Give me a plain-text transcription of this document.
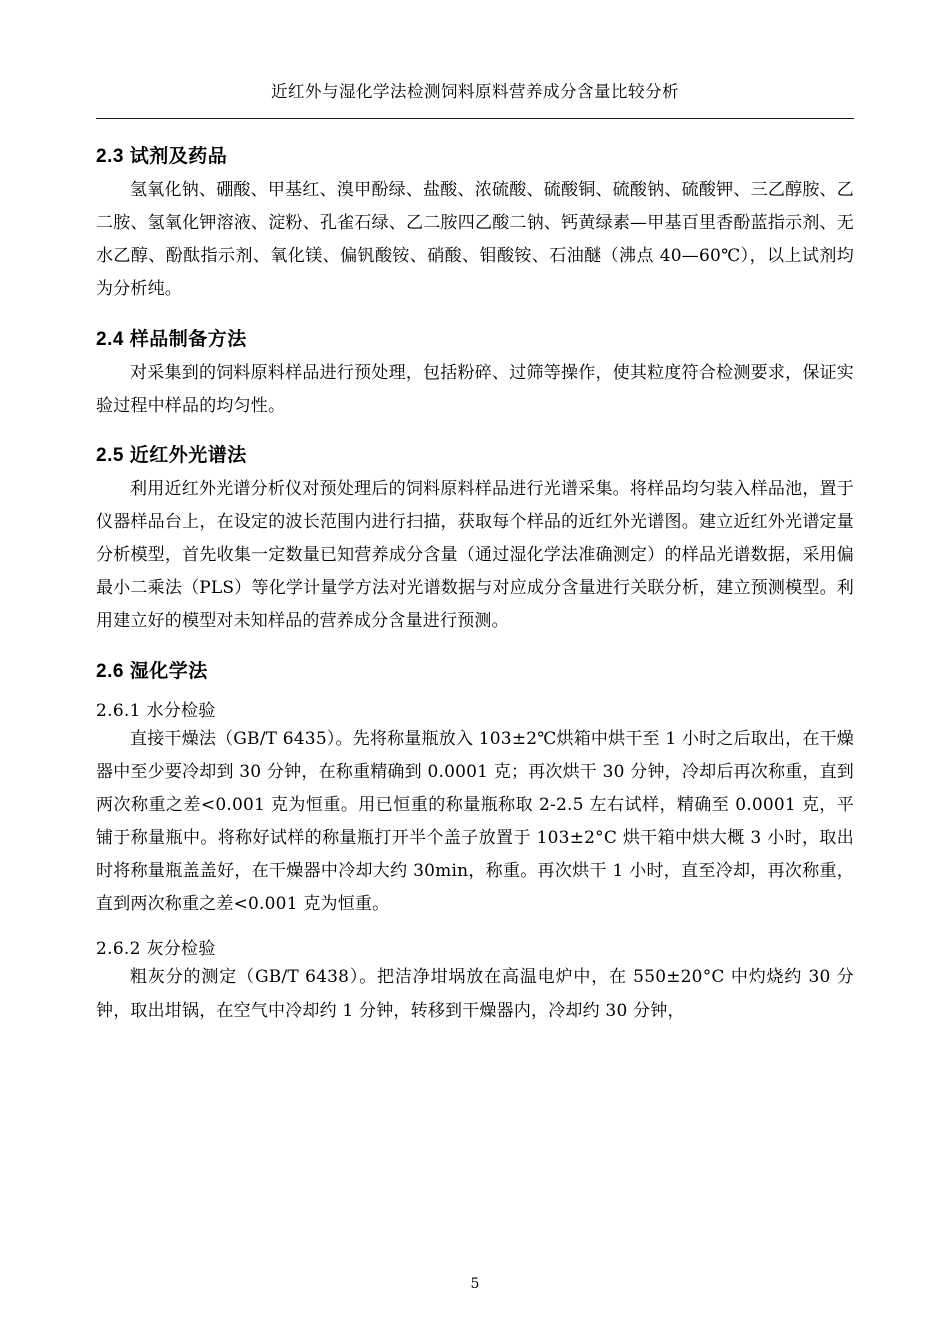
近红外与湿化学法检测饲料原料营养成分含量比较分析
2.3 试剂及药品

氢氧化钠、硼酸、甲基红、溴甲酚绿、盐酸、浓硫酸、硫酸铜、硫酸钠、硫酸钾、三乙醇胺、乙二胺、氢氧化钾溶液、淀粉、孔雀石绿、乙二胺四乙酸二钠、钙黄绿素—甲基百里香酚蓝指示剂、无水乙醇、酚酞指示剂、氧化镁、偏钒酸铵、硝酸、钼酸铵、石油醚（沸点 40—60℃），以上试剂均为分析纯。

2.4 样品制备方法

对采集到的饲料原料样品进行预处理，包括粉碎、过筛等操作，使其粒度符合检测要求，保证实验过程中样品的均匀性。

2.5 近红外光谱法

利用近红外光谱分析仪对预处理后的饲料原料样品进行光谱采集。将样品均匀装入样品池，置于仪器样品台上，在设定的波长范围内进行扫描，获取每个样品的近红外光谱图。建立近红外光谱定量分析模型，首先收集一定数量已知营养成分含量（通过湿化学法准确测定）的样品光谱数据，采用偏最小二乘法（PLS）等化学计量学方法对光谱数据与对应成分含量进行关联分析，建立预测模型。利用建立好的模型对未知样品的营养成分含量进行预测。

2.6 湿化学法
2.6.1 水分检验

直接干燥法（GB/T 6435）。先将称量瓶放入 103±2℃烘箱中烘干至 1 小时之后取出，在干燥器中至少要冷却到 30 分钟，在称重精确到 0.0001 克；再次烘干 30 分钟，冷却后再次称重，直到两次称重之差<0.001 克为恒重。用已恒重的称量瓶称取 2-2.5 左右试样，精确至 0.0001 克，平铺于称量瓶中。将称好试样的称量瓶打开半个盖子放置于 103±2°C 烘干箱中烘大概 3 小时，取出时将称量瓶盖盖好，在干燥器中冷却大约 30min，称重。再次烘干 1 小时，直至冷却，再次称重，直到两次称重之差<0.001 克为恒重。

2.6.2 灰分检验

粗灰分的测定（GB/T 6438）。把洁净坩埚放在高温电炉中，在 550±20°C 中灼烧约 30 分钟，取出坩锅，在空气中冷却约 1 分钟，转移到干燥器内，冷却约 30 分钟，

5
